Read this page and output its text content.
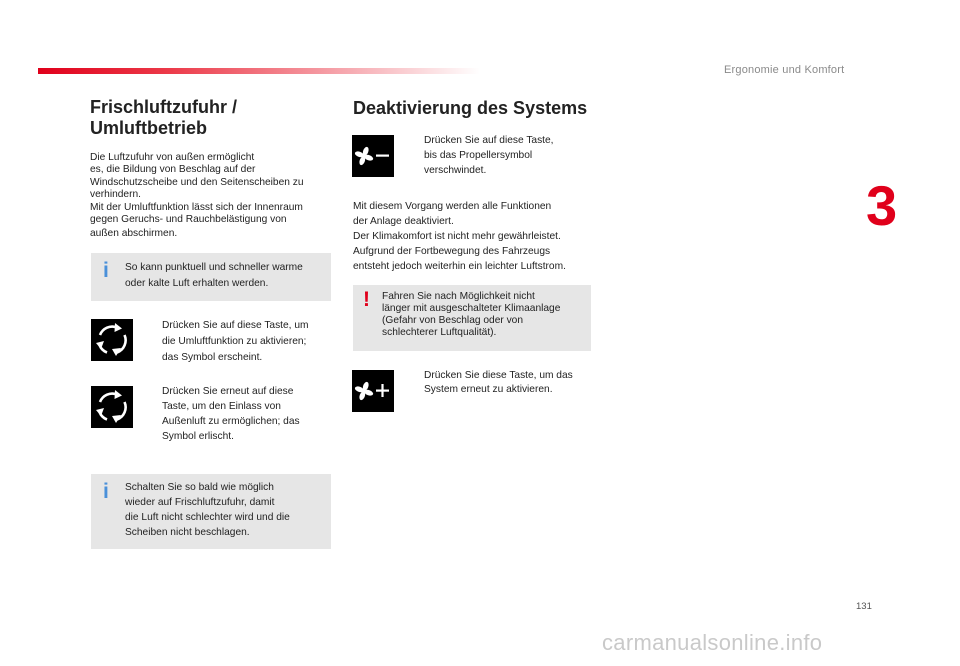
Ergonomie und Komfort
3
Frischluftzufuhr /
Umluftbetrieb
Die Luftzufuhr von außen ermöglicht
es, die Bildung von Beschlag auf der
Windschutzscheibe und den Seitenscheiben zu
verhindern.
Mit der Umluftfunktion lässt sich der Innenraum
gegen Geruchs- und Rauchbelästigung von
außen abschirmen.
i So kann punktuell und schneller warme
oder kalte Luft erhalten werden.
Drücken Sie auf diese Taste, um
die Umluftfunktion zu aktivieren;
das Symbol erscheint.
Drücken Sie erneut auf diese
Taste, um den Einlass von
Außenluft zu ermöglichen; das
Symbol erlischt.
i Schalten Sie so bald wie möglich
wieder auf Frischluftzufuhr, damit
die Luft nicht schlechter wird und die
Scheiben nicht beschlagen.
Deaktivierung des Systems
Drücken Sie auf diese Taste,
bis das Propellersymbol
verschwindet.
Mit diesem Vorgang werden alle Funktionen
der Anlage deaktiviert.
Der Klimakomfort ist nicht mehr gewährleistet.
Aufgrund der Fortbewegung des Fahrzeugs
entsteht jedoch weiterhin ein leichter Luftstrom.
! Fahren Sie nach Möglichkeit nicht
länger mit ausgeschalteter Klimaanlage
(Gefahr von Beschlag oder von
schlechterer Luftqualität).
Drücken Sie diese Taste, um das
System erneut zu aktivieren.
131
carmanualsonline.info
